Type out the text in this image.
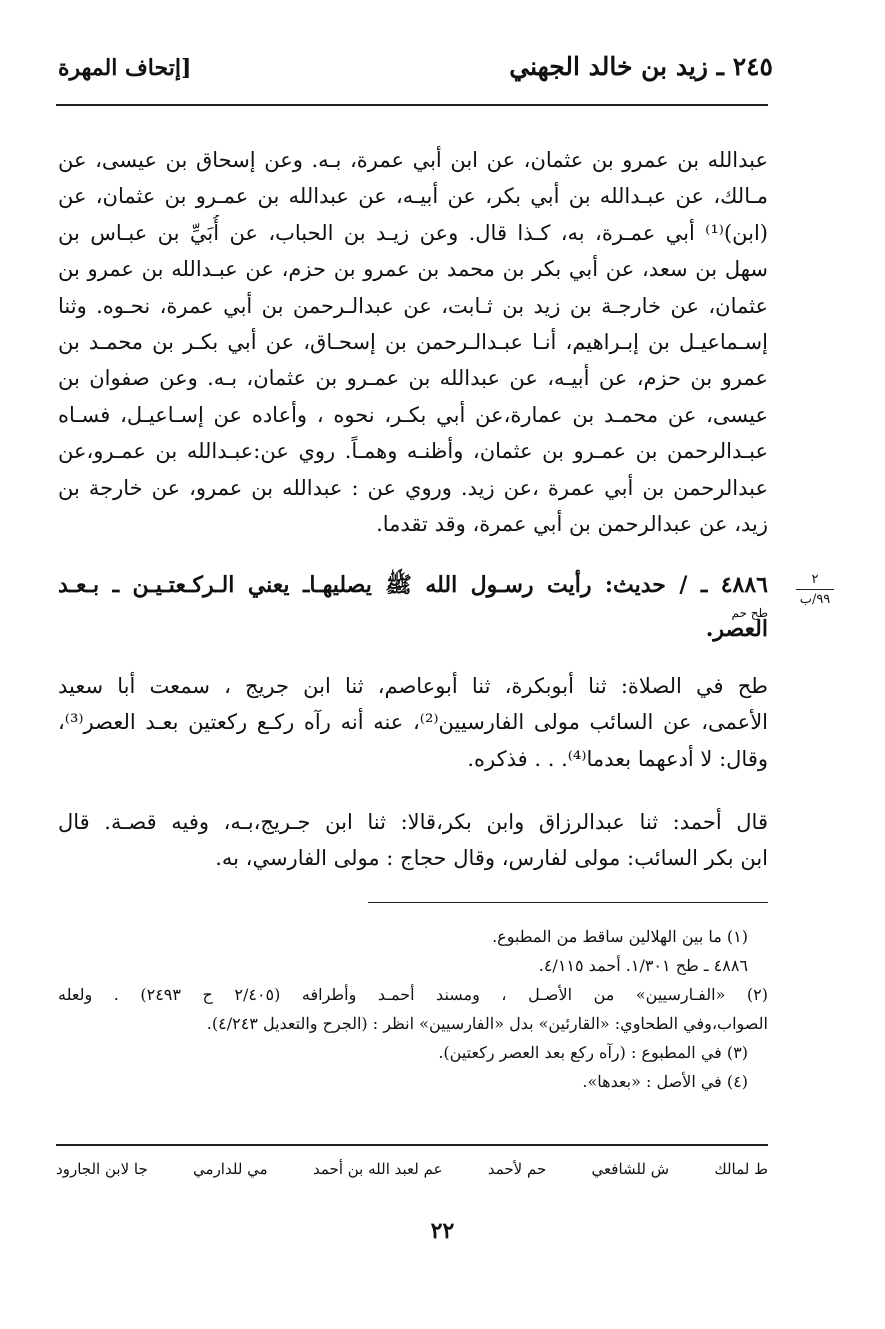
٢٤٥ ـ زيد بن خالد الجهني
[إتحاف المهرة
عبدالله بن عمرو بن عثمان، عن ابن أبي عمرة، بـه. وعن إسحاق بن عيسى، عن
مـالك، عن عبـدالله بن أبي بكر، عن أبيـه، عن عبدالله بن عمـرو بن عثمان، عن
(ابن)⁽¹⁾ أبي عمـرة، به، كـذا قال. وعن زيـد بن الحباب، عن أُبَيِّ بن عبـاس بن
سهل بن سعد، عن أبي بكر بن محمد بن عمرو بن حزم، عن عبـدالله بن عمرو بن
عثمان، عن خارجـة بن زيد بن ثـابت، عن عبدالـرحمن بن أبي عمرة، نحـوه. وثنا
إسـماعيـل بن إبـراهيم، أنـا عبـدالـرحمن بن إسحـاق، عن أبي بكـر بن محمـد بن
عمرو بن حزم، عن أبيـه، عن عبدالله بن عمـرو بن عثمان، بـه. وعن صفوان بن
عيسى، عن محمـد بن عمارة،عن أبي بكـر، نحوه ، وأعاده عن إسـاعيـل، فسـاه
عبـدالرحمن بن عمـرو بن عثمان، وأظنـه وهمـاً. روي عن:عبـدالله بن عمـرو،عن
عبدالرحمن بن أبي عمرة ،عن زيد. وروي عن : عبدالله بن عمرو، عن خارجة بن
زيد، عن عبدالرحمن بن أبي عمرة، وقد تقدما.
٢
٩٩/ب
٤٨٨٦ ـ / حديث: رأيت رسـول الله ﷺ يصليهـاـ يعني الـركـعتـيـن ـ بـعـد
العصر.
طح حم
طح في الصلاة: ثنا أبوبكرة، ثنا أبوعاصم، ثنا ابن جريج ، سمعت أبا سعيد
الأعمى، عن السائب مولى الفارسيين⁽²⁾، عنه أنه رآه ركـع ركعتين بعـد العصر⁽³⁾،
وقال: لا أدعهما بعدما⁽⁴⁾. . . فذكره.
قال أحمد: ثنا عبدالرزاق وابن بكر،قالا: ثنا ابن جـريج،بـه، وفيه قصـة. قال
ابن بكر السائب: مولى لفارس، وقال حجاج : مولى الفارسي، به.
(١) ما بين الهلالين ساقط من المطبوع.
٤٨٨٦ ـ طح ١/٣٠١. أحمد ٤/١١٥.
(٢) «الفـارسيين» من الأصـل ، ومسند أحمـد وأطرافه (٢/٤٠٥ ح ٢٤٩٣) . ولعله
الصواب،وفي الطحاوي: «القارئين» بدل «الفارسيين» انظر : (الجرح والتعديل ٤/٢٤٣).
(٣) في المطبوع : (رآه ركع بعد العصر ركعتين).
(٤) في الأصل : «بعدها».
ط لمالك
ش للشافعي
حم لأحمد
عم لعبد الله بن أحمد
مي للدارمي
جا لابن الجارود
٢٢
